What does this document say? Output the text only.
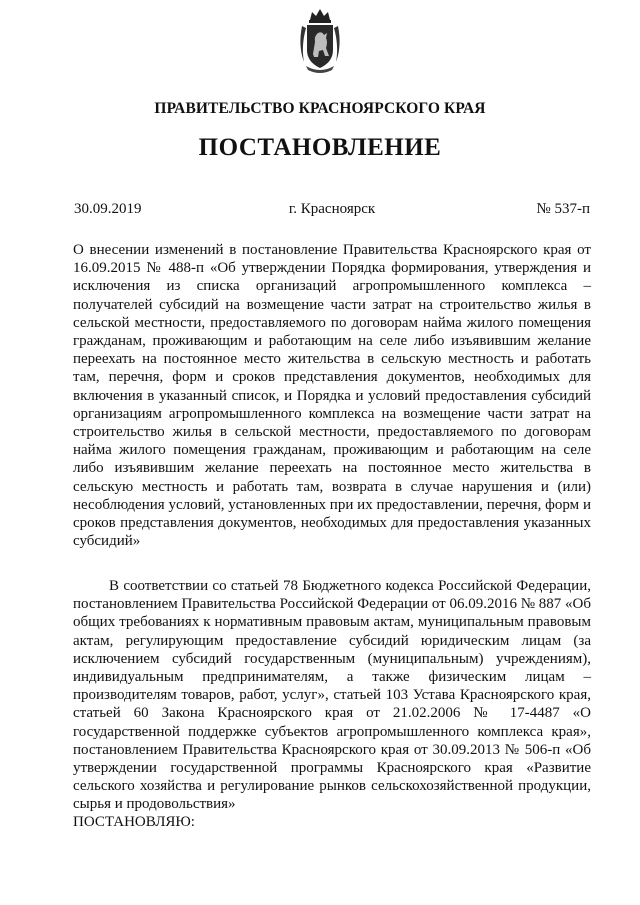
ПРАВИТЕЛЬСТВО КРАСНОЯРСКОГО КРАЯ
ПОСТАНОВЛЕНИЕ
30.09.2019	г. Красноярск	№ 537-п

О внесении изменений в постановление Правительства Красноярского края от 16.09.2015 № 488-п «Об утверждении Порядка формирования, утверждения и исключения из списка организаций агропромышленного комплекса – получателей субсидий на возмещение части затрат на строительство жилья в сельской местности, предоставляемого по договорам найма жилого помещения гражданам, проживающим и работающим на селе либо изъявившим желание переехать на постоянное место жительства в сельскую местность и работать там, перечня, форм и сроков представления документов, необходимых для включения в указанный список, и Порядка и условий предоставления субсидий организациям агропромышленного комплекса на возмещение части затрат на строительство жилья в сельской местности, предоставляемого по договорам найма жилого помещения гражданам, проживающим и работающим на селе либо изъявившим желание переехать на постоянное место жительства в сельскую местность и работать там, возврата в случае нарушения и (или) несоблюдения условий, установленных при их предоставлении, перечня, форм и сроков представления документов, необходимых для предоставления указанных субсидий»

В соответствии со статьей 78 Бюджетного кодекса Российской Федерации, постановлением Правительства Российской Федерации от 06.09.2016 № 887 «Об общих требованиях к нормативным правовым актам, муниципальным правовым актам, регулирующим предоставление субсидий юридическим лицам (за исключением субсидий государственным (муниципальным) учреждениям), индивидуальным предпринимателям, а также физическим лицам – производителям товаров, работ, услуг», статьей 103 Устава Красноярского края, статьей 60 Закона Красноярского края от 21.02.2006 № 17-4487 «О государственной поддержке субъектов агропромышленного комплекса края», постановлением Правительства Красноярского края от 30.09.2013 № 506-п «Об утверждении государственной программы Красноярского края «Развитие сельского хозяйства и регулирование рынков сельскохозяйственной продукции, сырья и продовольствия»

ПОСТАНОВЛЯЮ:
